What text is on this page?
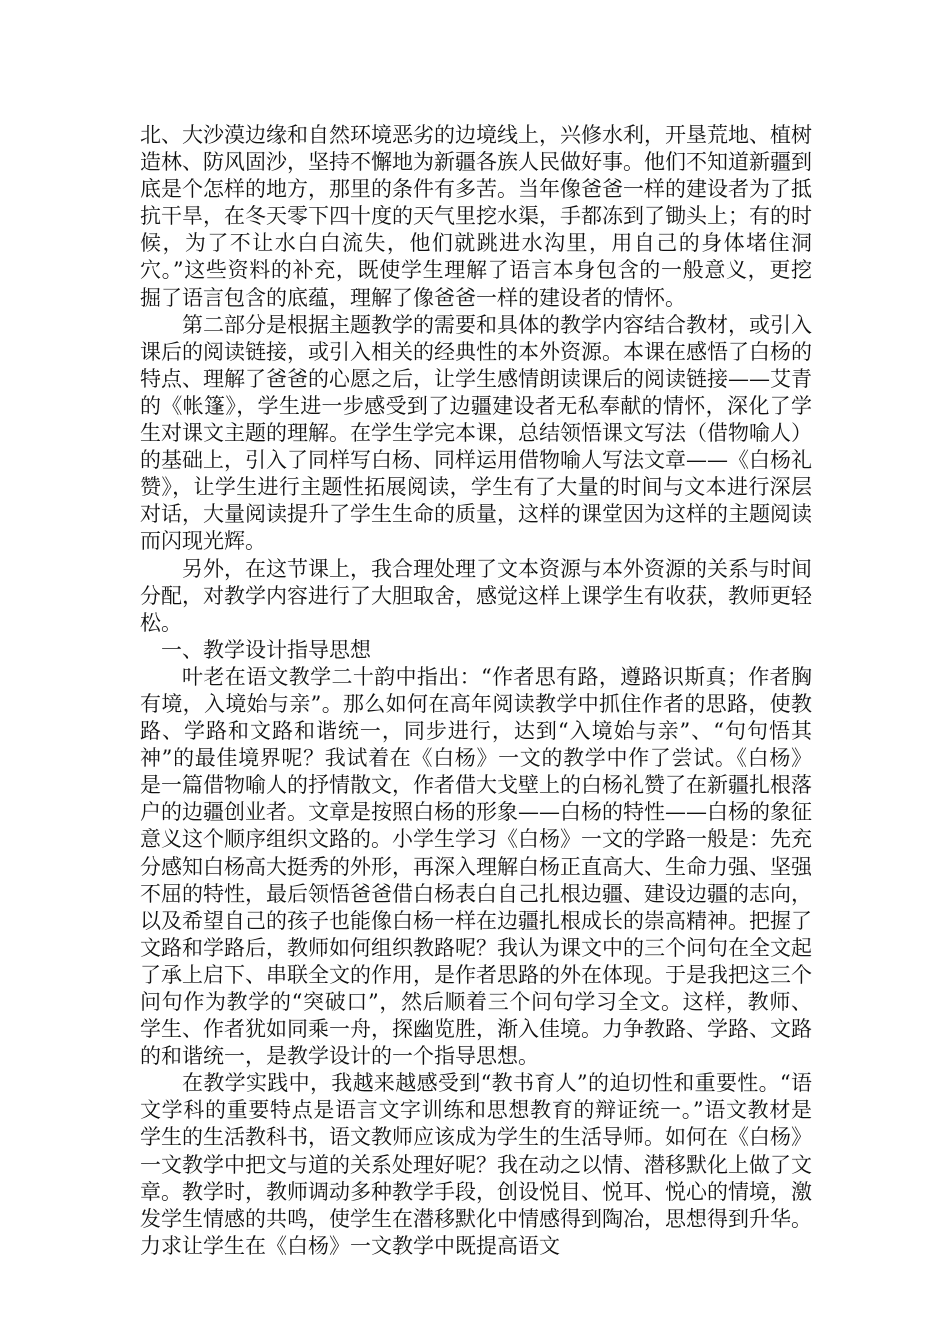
北、大沙漠边缘和自然环境恶劣的边境线上，兴修水利，开垦荒地、植树造林、防风固沙，坚持不懈地为新疆各族人民做好事。他们不知道新疆到底是个怎样的地方，那里的条件有多苦。当年像爸爸一样的建设者为了抵抗干旱，在冬天零下四十度的天气里挖水渠，手都冻到了锄头上；有的时候，为了不让水白白流失，他们就跳进水沟里，用自己的身体堵住洞穴。”这些资料的补充，既使学生理解了语言本身包含的一般意义，更挖掘了语言包含的底蕴，理解了像爸爸一样的建设者的情怀。

第二部分是根据主题教学的需要和具体的教学内容结合教材，或引入课后的阅读链接，或引入相关的经典性的本外资源。本课在感悟了白杨的特点、理解了爸爸的心愿之后，让学生感情朗读课后的阅读链接——艾青的《帐篷》，学生进一步感受到了边疆建设者无私奉献的情怀，深化了学生对课文主题的理解。在学生学完本课，总结领悟课文写法（借物喻人）的基础上，引入了同样写白杨、同样运用借物喻人写法文章——《白杨礼赞》，让学生进行主题性拓展阅读，学生有了大量的时间与文本进行深层对话，大量阅读提升了学生生命的质量，这样的课堂因为这样的主题阅读而闪现光辉。

另外，在这节课上，我合理处理了文本资源与本外资源的关系与时间分配，对教学内容进行了大胆取舍，感觉这样上课学生有收获，教师更轻松。

一、教学设计指导思想

叶老在语文教学二十韵中指出：“作者思有路，遵路识斯真；作者胸有境，入境始与亲”。那么如何在高年阅读教学中抓住作者的思路，使教路、学路和文路和谐统一，同步进行，达到“入境始与亲”、“句句悟其神”的最佳境界呢？我试着在《白杨》一文的教学中作了尝试。《白杨》是一篇借物喻人的抒情散文，作者借大戈壁上的白杨礼赞了在新疆扎根落户的边疆创业者。文章是按照白杨的形象——白杨的特性——白杨的象征意义这个顺序组织文路的。小学生学习《白杨》一文的学路一般是：先充分感知白杨高大挺秀的外形，再深入理解白杨正直高大、生命力强、坚强不屈的特性，最后领悟爸爸借白杨表白自己扎根边疆、建设边疆的志向，以及希望自己的孩子也能像白杨一样在边疆扎根成长的崇高精神。把握了文路和学路后，教师如何组织教路呢？我认为课文中的三个问句在全文起了承上启下、串联全文的作用，是作者思路的外在体现。于是我把这三个问句作为教学的“突破口”，然后顺着三个问句学习全文。这样，教师、学生、作者犹如同乘一舟，探幽览胜，渐入佳境。力争教路、学路、文路的和谐统一，是教学设计的一个指导思想。

在教学实践中，我越来越感受到“教书育人”的迫切性和重要性。“语文学科的重要特点是语言文字训练和思想教育的辩证统一。”语文教材是学生的生活教科书，语文教师应该成为学生的生活导师。如何在《白杨》一文教学中把文与道的关系处理好呢？我在动之以情、潜移默化上做了文章。教学时，教师调动多种教学手段，创设悦目、悦耳、悦心的情境，激发学生情感的共鸣，使学生在潜移默化中情感得到陶冶，思想得到升华。力求让学生在《白杨》一文教学中既提高语文
